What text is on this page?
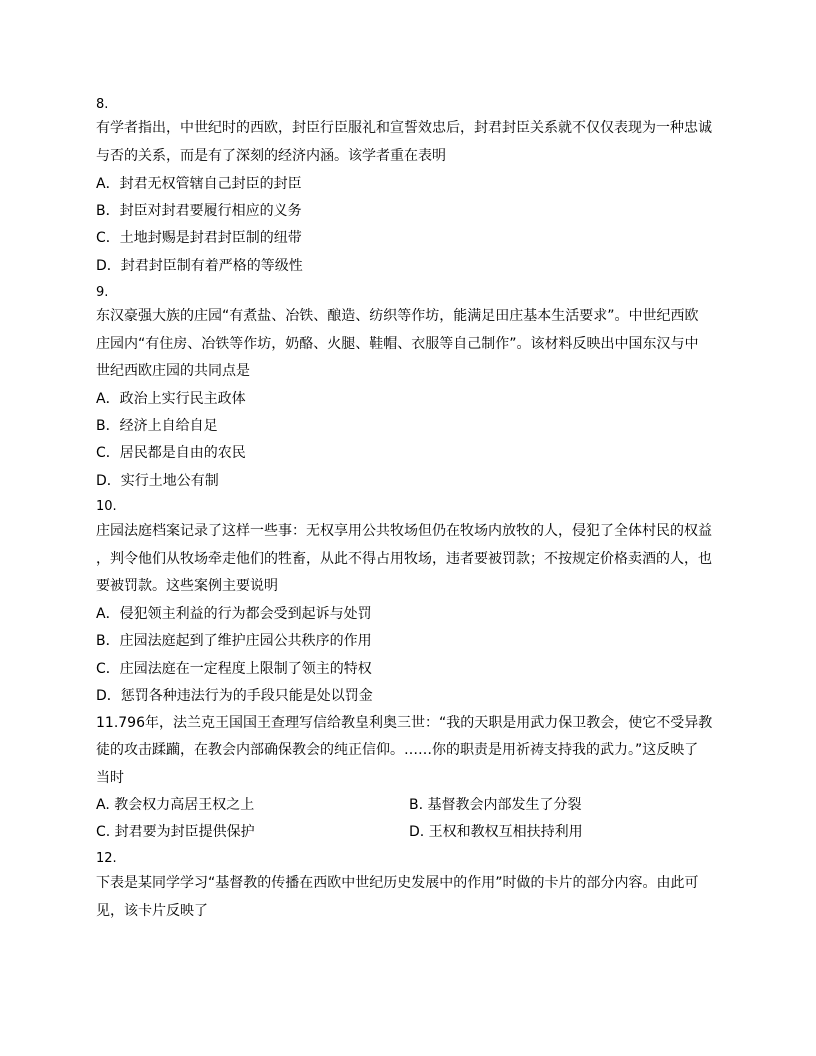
8.
有学者指出，中世纪时的西欧，封臣行臣服礼和宣誓效忠后，封君封臣关系就不仅仅表现为一种忠诚
与否的关系，而是有了深刻的经济内涵。该学者重在表明
A．封君无权管辖自己封臣的封臣
B．封臣对封君要履行相应的义务
C．土地封赐是封君封臣制的纽带
D．封君封臣制有着严格的等级性
9.
东汉豪强大族的庄园“有煮盐、冶铁、酿造、纺织等作坊，能满足田庄基本生活要求”。中世纪西欧
庄园内“有住房、冶铁等作坊，奶酪、火腿、鞋帽、衣服等自己制作”。该材料反映出中国东汉与中
世纪西欧庄园的共同点是
A．政治上实行民主政体
B．经济上自给自足
C．居民都是自由的农民
D．实行土地公有制
10.
庄园法庭档案记录了这样一些事：无权享用公共牧场但仍在牧场内放牧的人，侵犯了全体村民的权益
，判令他们从牧场牵走他们的牲畜，从此不得占用牧场，违者要被罚款；不按规定价格卖酒的人，也
要被罚款。这些案例主要说明
A．侵犯领主利益的行为都会受到起诉与处罚
B．庄园法庭起到了维护庄园公共秩序的作用
C．庄园法庭在一定程度上限制了领主的特权
D．惩罚各种违法行为的手段只能是处以罚金
11.796年，法兰克王国国王查理写信给教皇利奥三世：“我的天职是用武力保卫教会，使它不受异教
徒的攻击蹂躏，在教会内部确保教会的纯正信仰。……你的职责是用祈祷支持我的武力。”这反映了
当时
A. 教会权力高居王权之上	B. 基督教会内部发生了分裂
C. 封君要为封臣提供保护	D. 王权和教权互相扶持利用
12.
下表是某同学学习“基督教的传播在西欧中世纪历史发展中的作用”时做的卡片的部分内容。由此可
见，该卡片反映了
